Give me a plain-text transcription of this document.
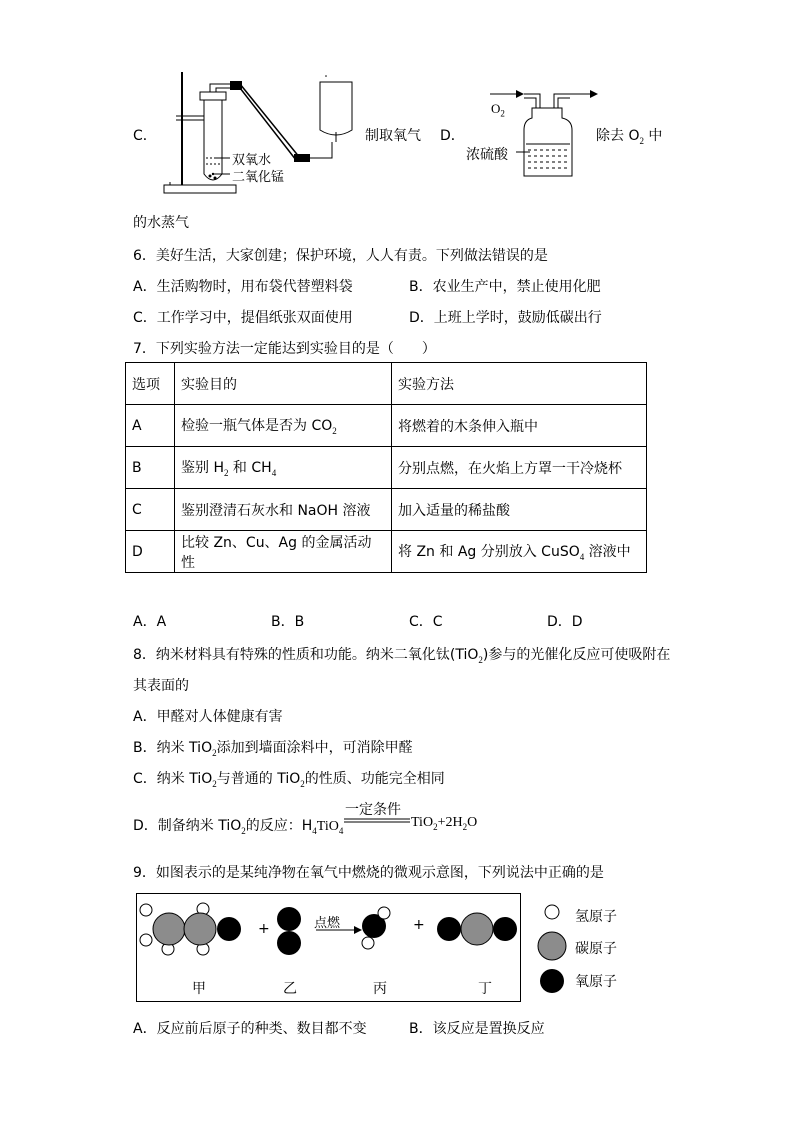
C．
双氧水
二氧化锰
制取氧气 D．
$O_2$
浓硫酸
除去 $O_2$ 中
的水蒸气
6．美好生活，大家创建；保护环境，人人有责。下列做法错误的是
A．生活购物时，用布袋代替塑料袋	B．农业生产中，禁止使用化肥
C．工作学习中，提倡纸张双面使用	D．上班上学时，鼓励低碳出行
7．下列实验方法一定能达到实验目的是（　　）
选项	实验目的	实验方法
A	检验一瓶气体是否为 $CO_2$	将燃着的木条伸入瓶中
B	鉴别 $H_2$ 和 $CH_4$	分别点燃，在火焰上方罩一干冷烧杯
C	鉴别澄清石灰水和 NaOH 溶液	加入适量的稀盐酸
D	比较 Zn、Cu、Ag 的金属活动性	将 Zn 和 Ag 分别放入 CuSO$_4$ 溶液中
A．A	B．B	C．C	D．D
8．纳米材料具有特殊的性质和功能。纳米二氧化钛(TiO$_2$)参与的光催化反应可使吸附在
其表面的
A．甲醛对人体健康有害
B．纳米 TiO$_2$添加到墙面涂料中，可消除甲醛
C．纳米 TiO$_2$与普通的 TiO$_2$的性质、功能完全相同
D．制备纳米 TiO$_2$的反应：$H_4TiO_4$
一定条件
$TiO_2+2H_2O$
9．如图表示的是某纯净物在氧气中燃烧的微观示意图，下列说法中正确的是
+	+
点燃
甲	乙	丙	丁
氢原子
碳原子
氧原子
A．反应前后原子的种类、数目都不变	B．该反应是置换反应
